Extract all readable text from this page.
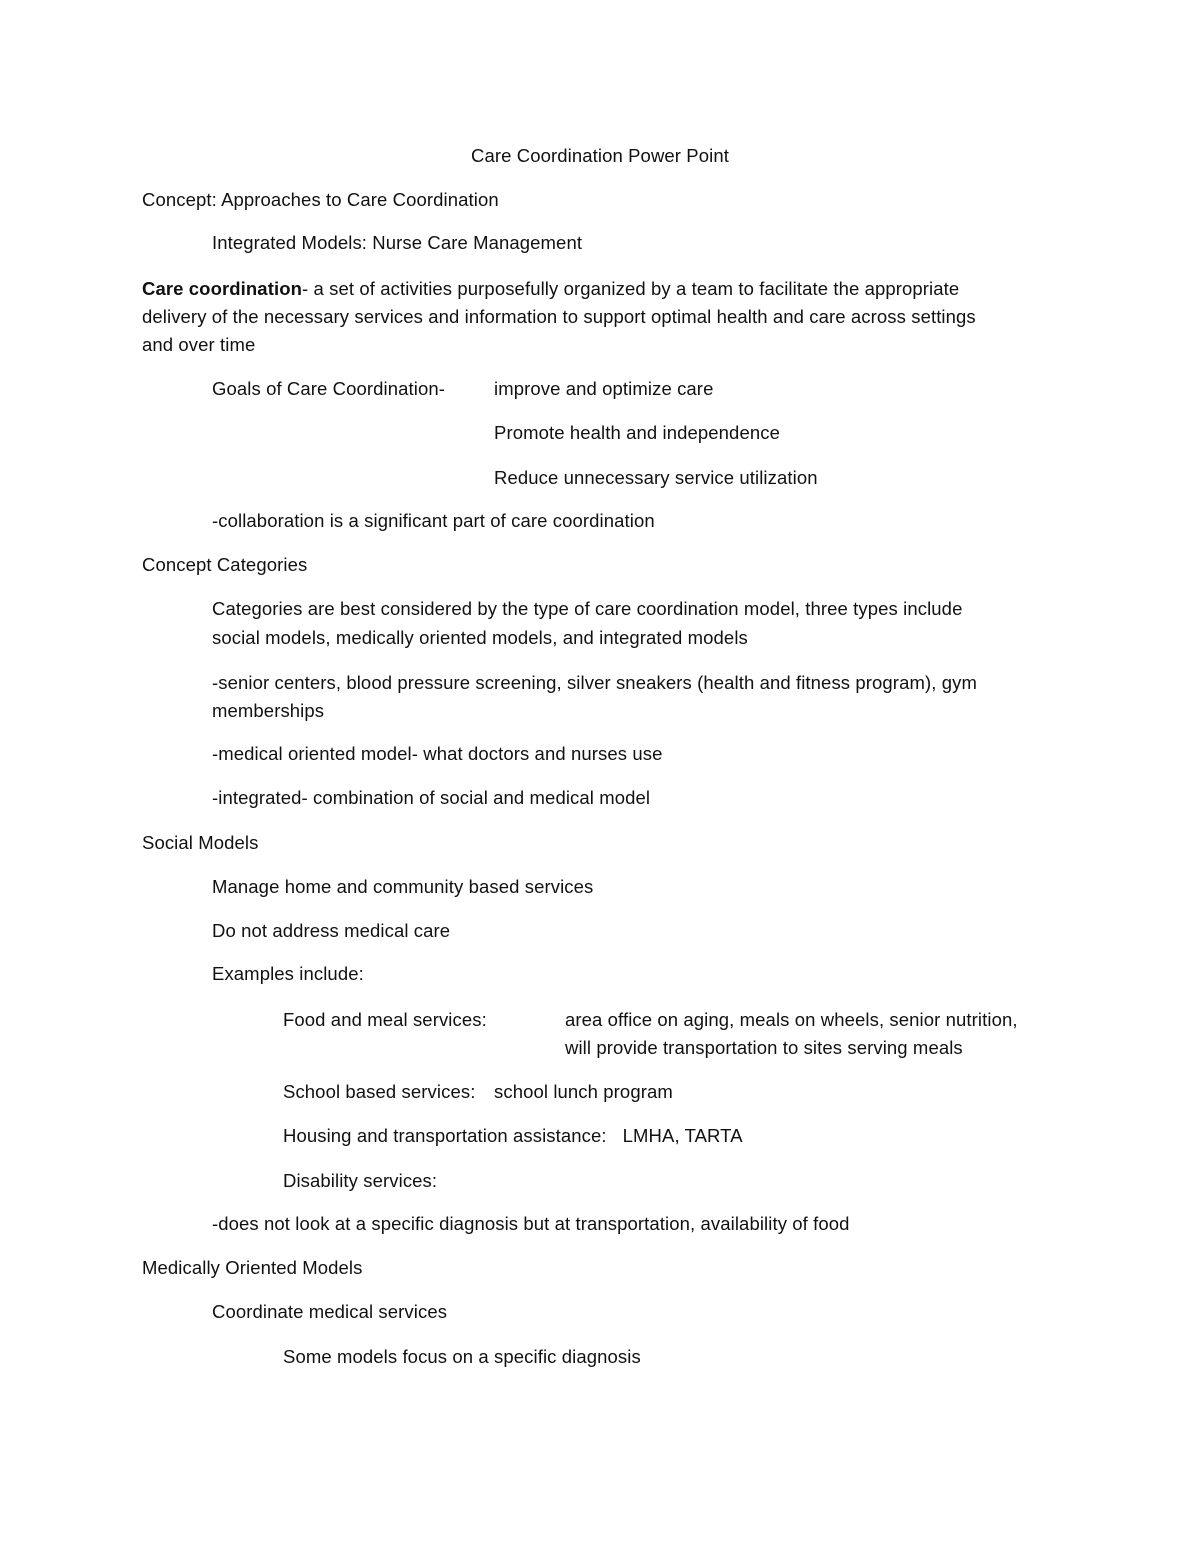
Care Coordination Power Point
Concept: Approaches to Care Coordination
Integrated Models: Nurse Care Management
Care coordination- a set of activities purposefully organized by a team to facilitate the appropriate
delivery of the necessary services and information to support optimal health and care across settings
and over time
Goals of Care Coordination-	improve and optimize care
Promote health and independence
Reduce unnecessary service utilization
-collaboration is a significant part of care coordination
Concept Categories
Categories are best considered by the type of care coordination model, three types include
social models, medically oriented models, and integrated models
-senior centers, blood pressure screening, silver sneakers (health and fitness program), gym
memberships
-medical oriented model- what doctors and nurses use
-integrated- combination of social and medical model
Social Models
Manage home and community based services
Do not address medical care
Examples include:
Food and meal services:	area office on aging, meals on wheels, senior nutrition,
will provide transportation to sites serving meals
School based services: school lunch program
Housing and transportation assistance: LMHA, TARTA
Disability services:
-does not look at a specific diagnosis but at transportation, availability of food
Medically Oriented Models
Coordinate medical services
Some models focus on a specific diagnosis
